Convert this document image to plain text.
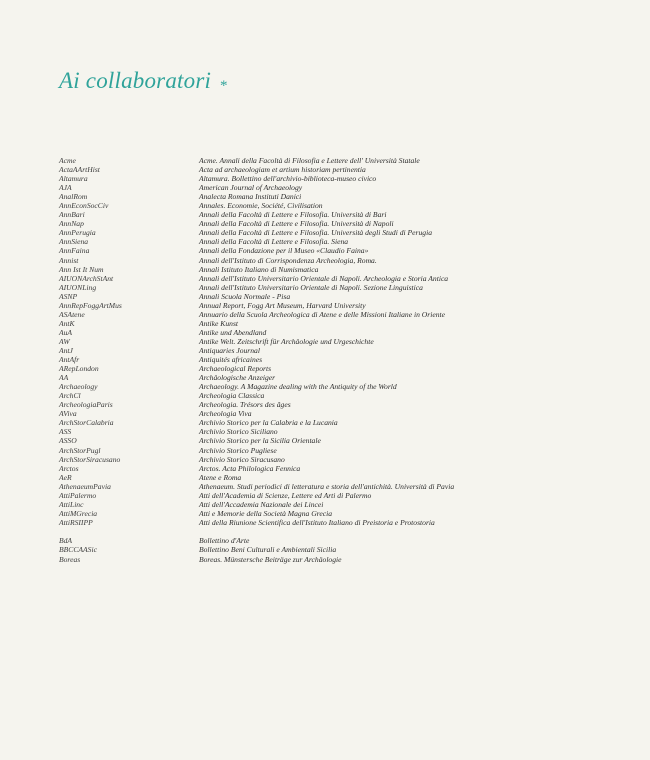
Ai collaboratori *
Acme	Acme. Annali della Facoltà di Filosofia e Lettere dell' Università Statale
ActaAArtHist	Acta ad archaeologiam et artium historiam pertinentia
Altamura	Altamura. Bollettino dell'archivio-biblioteca-museo civico
AJA	American Journal of Archaeology
AnalRom	Analecta Romana Instituti Danici
AnnEconSocCiv	Annales. Economie, Société, Civilisation
AnnBari	Annali della Facoltà di Lettere e Filosofia. Università di Bari
AnnNap	Annali della Facoltà di Lettere e Filosofia. Università di Napoli
AnnPerugia	Annali della Facoltà di Lettere e Filosofia. Università degli Studi di Perugia
AnnSiena	Annali della Facoltà di Lettere e Filosofia. Siena
AnnFaina	Annali della Fondazione per il Museo «Claudio Faina»
Annist	Annali dell'Istituto di Corrispondenza Archeologia, Roma.
Ann Ist It Num	Annali Istituto Italiano di Numismatica
AIUONArchStAnt	Annali dell'Istituto Universitario Orientale di Napoli. Archeologia e Storia Antica
AIUONLing	Annali dell'Istituto Universitario Orientale di Napoli. Sezione Linguistica
ASNP	Annali Scuola Normale - Pisa
AnnRepFoggArtMus	Annual Report, Fogg Art Museum, Harvard University
ASAtene	Annuario della Scuola Archeologica di Atene e delle Missioni Italiane in Oriente
AntK	Antike Kunst
AuA	Antike und Abendland
AW	Antike Welt. Zeitschrift für Archäologie und Urgeschichte
AntJ	Antiquaries Journal
AntAfr	Antiquités africaines
ARepLondon	Archaeological Reports
AA	Archäologische Anzeiger
Archaeology	Archaeology. A Magazine dealing with the Antiquity of the World
ArchCl	Archeologia Classica
ArcheologiaParis	Archeologia. Trésors des âges
AViva	Archeologia Viva
ArchStorCalabria	Archivio Storico per la Calabria e la Lucania
ASS	Archivio Storico Siciliano
ASSO	Archivio Storico per la Sicilia Orientale
ArchStorPugl	Archivio Storico Pugliese
ArchStorSiracusano	Archivio Storico Siracusano
Arctos	Arctos. Acta Philologica Fennica
AeR	Atene e Roma
AthenaeumPavia	Athenaeum. Studi periodici di letteratura e storia dell'antichità. Università di Pavia
AttiPalermo	Atti dell'Academia di Scienze, Lettere ed Arti di Palermo
AttiLinc	Atti dell'Accademia Nazionale dei Lincei
AttiMGrecia	Atti e Memorie della Società Magna Grecia
AttiRSIIPP	Atti della Riunione Scientifica dell'Istituto Italiano di Preistoria e Protostoria
BdA	Bollettino d'Arte
BBCCAASic	Bollettino Beni Culturali e Ambientali Sicilia
Boreas	Boreas. Münstersche Beiträge zur Archäologie
